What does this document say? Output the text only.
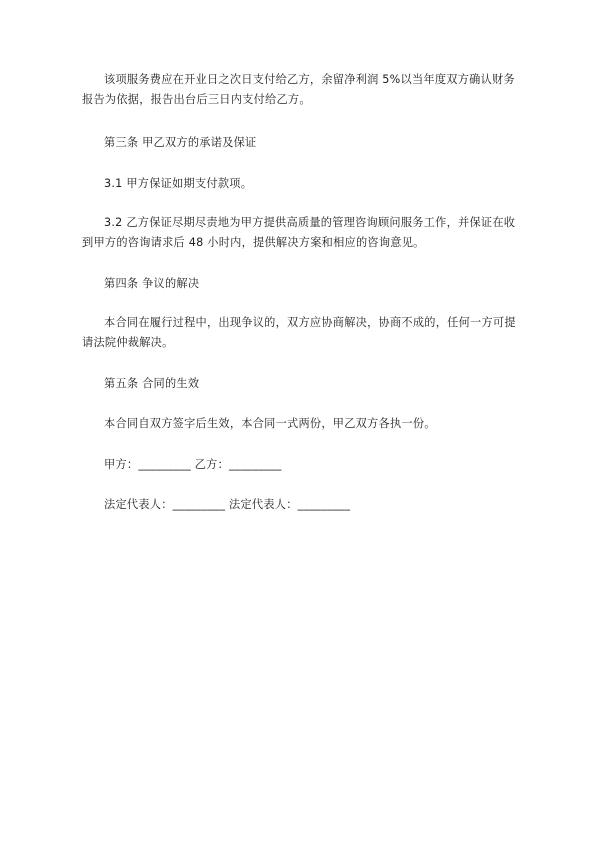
该项服务费应在开业日之次日支付给乙方，余留净利润 5%以当年度双方确认财务报告为依据，报告出台后三日内支付给乙方。
第三条 甲乙双方的承诺及保证
3.1 甲方保证如期支付款项。
3.2 乙方保证尽期尽责地为甲方提供高质量的管理咨询顾问服务工作，并保证在收到甲方的咨询请求后 48 小时内，提供解决方案和相应的咨询意见。
第四条 争议的解决
本合同在履行过程中，出现争议的，双方应协商解决，协商不成的，任何一方可提请法院仲裁解决。
第五条 合同的生效
本合同自双方签字后生效，本合同一式两份，甲乙双方各执一份。
甲方：_________ 乙方：_________
法定代表人：_________ 法定代表人：_________
